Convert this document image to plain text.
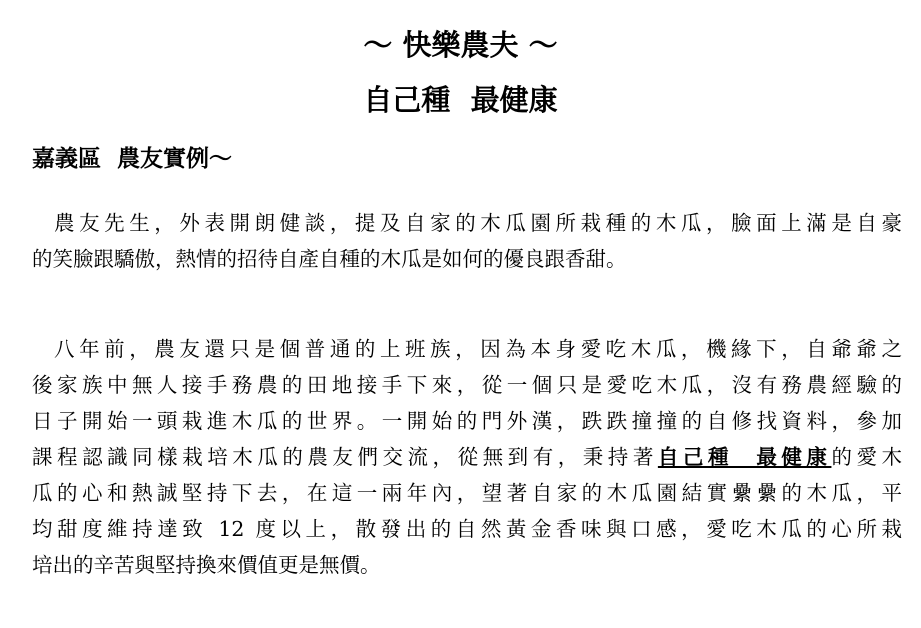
～ 快樂農夫 ～
自己種  最健康
嘉義區  農友實例～
農友先生，外表開朗健談，提及自家的木瓜園所栽種的木瓜，臉面上滿是自豪
的笑臉跟驕傲，熱情的招待自產自種的木瓜是如何的優良跟香甜。
八年前，農友還只是個普通的上班族，因為本身愛吃木瓜，機緣下，自爺爺之
後家族中無人接手務農的田地接手下來，從一個只是愛吃木瓜，沒有務農經驗的
日子開始一頭栽進木瓜的世界。一開始的門外漢，跌跌撞撞的自修找資料，參加
課程認識同樣栽培木瓜的農友們交流，從無到有，秉持著自己種  最健康的愛木
瓜的心和熱誠堅持下去，在這一兩年內，望著自家的木瓜園結實纍纍的木瓜，平
均甜度維持達致 12 度以上，散發出的自然黃金香味與口感，愛吃木瓜的心所栽
培出的辛苦與堅持換來價值更是無價。
